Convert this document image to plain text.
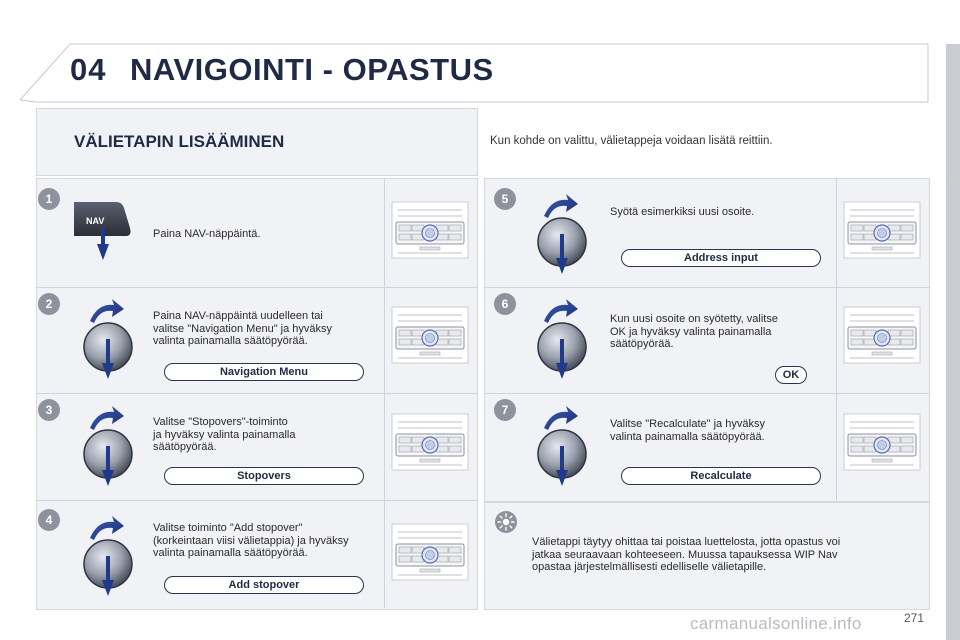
04 NAVIGOINTI - OPASTUS
VÄLIETAPIN LISÄÄMINEN	Kun kohde on valittu, välietappeja voidaan lisätä reittiin.
1
2
3
4
5
6
7
NAV
Paina NAV-näppäintä.
Paina NAV-näppäintä uudelleen tai
valitse "Navigation Menu" ja hyväksy
valinta painamalla säätöpyörää.
Valitse "Stopovers"-toiminto
ja hyväksy valinta painamalla
säätöpyörää.
Valitse toiminto "Add stopover"
(korkeintaan viisi välietappia) ja hyväksy
valinta painamalla säätöpyörää.
Syötä esimerkiksi uusi osoite.
Kun uusi osoite on syötetty, valitse
OK ja hyväksy valinta painamalla
säätöpyörää.
Valitse "Recalculate" ja hyväksy
valinta painamalla säätöpyörää.
Navigation Menu
Stopovers
Add stopover
Address input
OK
Recalculate
Välietappi täytyy ohittaa tai poistaa luettelosta, jotta opastus voi
jatkaa seuraavaan kohteeseen. Muussa tapauksessa WIP Nav
opastaa järjestelmällisesti edelliselle välietapille.
carmanualsonline.info	271
